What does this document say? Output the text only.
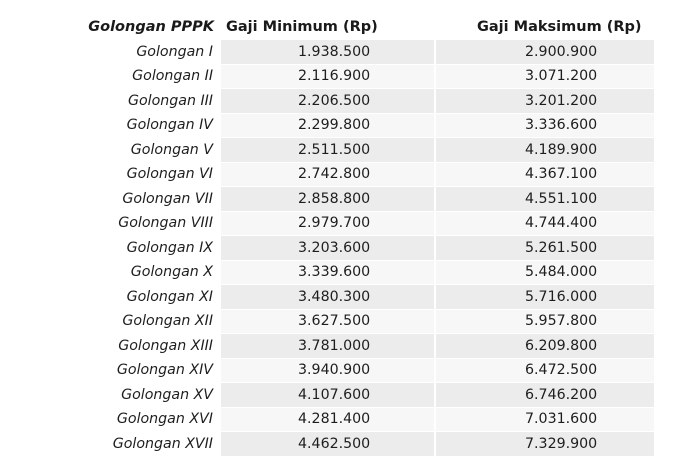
Golongan PPPK	Gaji Minimum (Rp)	Gaji Maksimum (Rp)
Golongan I	1.938.500	2.900.900
Golongan II	2.116.900	3.071.200
Golongan III	2.206.500	3.201.200
Golongan IV	2.299.800	3.336.600
Golongan V	2.511.500	4.189.900
Golongan VI	2.742.800	4.367.100
Golongan VII	2.858.800	4.551.100
Golongan VIII	2.979.700	4.744.400
Golongan IX	3.203.600	5.261.500
Golongan X	3.339.600	5.484.000
Golongan XI	3.480.300	5.716.000
Golongan XII	3.627.500	5.957.800
Golongan XIII	3.781.000	6.209.800
Golongan XIV	3.940.900	6.472.500
Golongan XV	4.107.600	6.746.200
Golongan XVI	4.281.400	7.031.600
Golongan XVII	4.462.500	7.329.900
